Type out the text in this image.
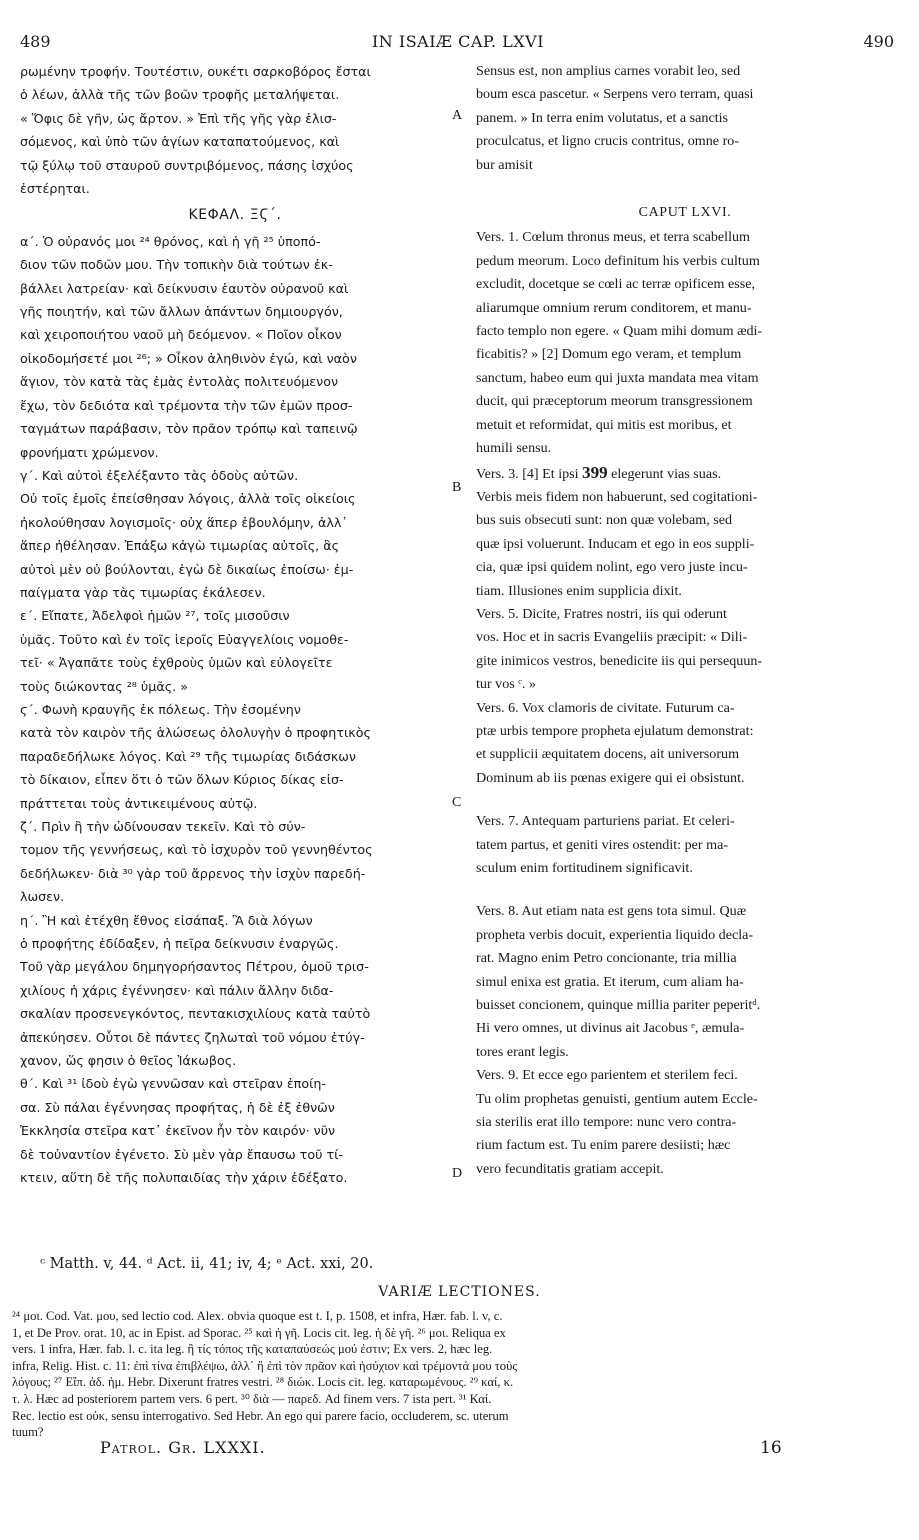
489	IN ISAIÆ CAP. LXVI	490
ρωμένην τροφήν. Τουτέστιν, ουκέτι σαρκοβόρος ἔσται
ὁ λέων, ἀλλὰ τῆς τῶν βοῶν τροφῆς μεταλήψεται.
« Ὄφις δὲ γῆν, ὡς ἄρτον. » Ἐπὶ τῆς γῆς γὰρ ἑλισ-
σόμενος, καὶ ὑπὸ τῶν ἁγίων καταπατούμενος, καὶ
τῷ ξύλῳ τοῦ σταυροῦ συντριβόμενος, πάσης ἰσχύος
ἐστέρηται.
ΚΕΦΑΛ. ΞϚ΄.
α΄. Ὁ οὐρανός μοι ²⁴ θρόνος, καὶ ἡ γῆ ²⁵ ὑποπό-
διον τῶν ποδῶν μου. Τὴν τοπικὴν διὰ τούτων ἐκ-
βάλλει λατρείαν· καὶ δείκνυσιν ἑαυτὸν οὐρανοῦ καὶ
γῆς ποιητήν, καὶ τῶν ἄλλων ἁπάντων δημιουργόν,
καὶ χειροποιήτου ναοῦ μὴ δεόμενον. « Ποῖον οἶκον
οἰκοδομήσετέ μοι ²⁶; » Οἶκον ἀληθινὸν ἐγώ, καὶ ναὸν
ἅγιον, τὸν κατὰ τὰς ἐμὰς ἐντολὰς πολιτευόμενον
ἔχω, τὸν δεδιότα καὶ τρέμοντα τὴν τῶν ἐμῶν προσ-
ταγμάτων παράβασιν, τὸν πρᾶον τρόπῳ καὶ ταπεινῷ
φρονήματι χρώμενον.
γ΄. Καὶ αὐτοὶ ἐξελέξαντο τὰς ὁδοὺς αὐτῶν.
Οὐ τοῖς ἐμοῖς ἐπείσθησαν λόγοις, ἀλλὰ τοῖς οἰκείοις
ἠκολούθησαν λογισμοῖς· οὐχ ἅπερ ἐβουλόμην, ἀλλ᾽
ἅπερ ἠθέλησαν. Ἐπάξω κἀγὼ τιμωρίας αὐτοῖς, ἃς
αὐτοὶ μὲν οὐ βούλονται, ἐγὼ δὲ δικαίως ἐποίσω· ἐμ-
παίγματα γὰρ τὰς τιμωρίας ἐκάλεσεν.
ε΄. Εἴπατε, Ἀδελφοὶ ἡμῶν ²⁷, τοῖς μισοῦσιν
ὑμᾶς. Τοῦτο καὶ ἐν τοῖς ἱεροῖς Εὐαγγελίοις νομοθε-
τεῖ· « Ἀγαπᾶτε τοὺς ἐχθροὺς ὑμῶν καὶ εὐλογεῖτε
τοὺς διώκοντας ²⁸ ὑμᾶς. »
ϛ΄. Φωνὴ κραυγῆς ἐκ πόλεως. Τὴν ἐσομένην
κατὰ τὸν καιρὸν τῆς ἁλώσεως ὀλολυγὴν ὁ προφητικὸς
παραδεδήλωκε λόγος. Καὶ ²⁹ τῆς τιμωρίας διδάσκων
τὸ δίκαιον, εἶπεν ὅτι ὁ τῶν ὅλων Κύριος δίκας εἰσ-
πράττεται τοὺς ἀντικειμένους αὐτῷ.
ζ΄. Πρὶν ἢ τὴν ὠδίνουσαν τεκεῖν. Καὶ τὸ σύν-
τομον τῆς γεννήσεως, καὶ τὸ ἰσχυρὸν τοῦ γεννηθέντος
δεδήλωκεν· διὰ ³⁰ γὰρ τοῦ ἄρρενος τὴν ἰσχὺν παρεδή-
λωσεν.
η΄. Ἢ καὶ ἐτέχθη ἔθνος εἰσάπαξ. Ἃ διὰ λόγων
ὁ προφήτης ἐδίδαξεν, ἡ πεῖρα δείκνυσιν ἐναργῶς.
Τοῦ γὰρ μεγάλου δημηγορήσαντος Πέτρου, ὁμοῦ τρισ-
χιλίους ἡ χάρις ἐγέννησεν· καὶ πάλιν ἄλλην διδα-
σκαλίαν προσενεγκόντος, πεντακισχιλίους κατὰ ταὐτὸ
ἀπεκύησεν. Οὗτοι δὲ πάντες ζηλωταὶ τοῦ νόμου ἐτύγ-
χανον, ὥς φησιν ὁ θεῖος Ἰάκωβος.
θ΄. Καὶ ³¹ ἰδοὺ ἐγὼ γεννῶσαν καὶ στεῖραν ἐποίη-
σα. Σὺ πάλαι ἐγέννησας προφήτας, ἡ δὲ ἐξ ἐθνῶν
Ἐκκλησία στεῖρα κατ᾽ ἐκεῖνον ἦν τὸν καιρόν· νῦν
δὲ τοὐναντίον ἐγένετο. Σὺ μὲν γὰρ ἔπαυσω τοῦ τί-
κτειν, αὕτη δὲ τῆς πολυπαιδίας τὴν χάριν ἐδέξατο.
A
B
C
D
Sensus est, non amplius carnes vorabit leo, sed
boum esca pascetur. « Serpens vero terram, quasi
panem. » In terra enim volutatus, et a sanctis
proculcatus, et ligno crucis contritus, omne ro-
bur amisit
CAPUT LXVI.
Vers. 1. Cœlum thronus meus, et terra scabellum
pedum meorum. Loco definitum his verbis cultum
excludit, docetque se cœli ac terræ opificem esse,
aliarumque omnium rerum conditorem, et manu-
facto templo non egere. « Quam mihi domum ædi-
ficabitis? » [2] Domum ego veram, et templum
sanctum, habeo eum qui juxta mandata mea vitam
ducit, qui præceptorum meorum transgressionem
metuit et reformidat, qui mitis est moribus, et
humili sensu.
Vers. 3. [4] Et ipsi 399 elegerunt vias suas.
Verbis meis fidem non habuerunt, sed cogitationi-
bus suis obsecuti sunt: non quæ volebam, sed
quæ ipsi voluerunt. Inducam et ego in eos suppli-
cia, quæ ipsi quidem nolint, ego vero juste incu-
tiam. Illusiones enim supplicia dixit.
Vers. 5. Dicite, Fratres nostri, iis qui oderunt
vos. Hoc et in sacris Evangeliis præcipit: « Dili-
gite inimicos vestros, benedicite iis qui persequun-
tur vos ᶜ. »
Vers. 6. Vox clamoris de civitate. Futurum ca-
ptæ urbis tempore propheta ejulatum demonstrat:
et supplicii æquitatem docens, ait universorum
Dominum ab iis pœnas exigere qui ei obsistunt.
Vers. 7. Antequam parturiens pariat. Et celeri-
tatem partus, et geniti vires ostendit: per ma-
sculum enim fortitudinem significavit.
Vers. 8. Aut etiam nata est gens tota simul. Quæ
propheta verbis docuit, experientia liquido decla-
rat. Magno enim Petro concionante, tria millia
simul enixa est gratia. Et iterum, cum aliam ha-
buisset concionem, quinque millia pariter peperitᵈ.
Hi vero omnes, ut divinus ait Jacobus ᵉ, æmula-
tores erant legis.
Vers. 9. Et ecce ego parientem et sterilem feci.
Tu olim prophetas genuisti, gentium autem Eccle-
sia sterilis erat illo tempore: nunc vero contra-
rium factum est. Tu enim parere desiisti; hæc
vero fecunditatis gratiam accepit.
ᶜ Matth. v, 44. ᵈ Act. ii, 41; iv, 4; ᵉ Act. xxi, 20.
VARIÆ LECTIONES.
²⁴ μοι. Cod. Vat. μου, sed lectio cod. Alex. obvia quoque est t. I, p. 1508, et infra, Hær. fab. l. v, c.
1, et De Prov. orat. 10, ac in Epist. ad Sporac. ²⁵ καὶ ἡ γῆ. Locis cit. leg. ἡ δὲ γῆ. ²⁶ μοι. Reliqua ex
vers. 1 infra, Hær. fab. l. c. ita leg. ἢ τίς τόπος τῆς καταπαύσεώς μού ἐστιν; Ex vers. 2, hæc leg.
infra, Relig. Hist. c. 11: ἐπὶ τίνα ἐπιβλέψω, ἀλλ᾽ ἢ ἐπὶ τὸν πρᾶον καὶ ἡσύχιον καὶ τρέμοντά μου τοὺς
λόγους; ²⁷ Εἴπ. ἀδ. ἡμ. Hebr. Dixerunt fratres vestri. ²⁸ διώκ. Locis cit. leg. καταρωμένους. ²⁹ καί, κ.
τ. λ. Hæc ad posteriorem partem vers. 6 pert. ³⁰ διὰ — παρεδ. Ad finem vers. 7 ista pert. ³¹ Καί.
Rec. lectio est οὐκ, sensu interrogativo. Sed Hebr. An ego qui parere facio, occluderem, sc. uterum
tuum?
Patrol. Gr. LXXXI.	16
